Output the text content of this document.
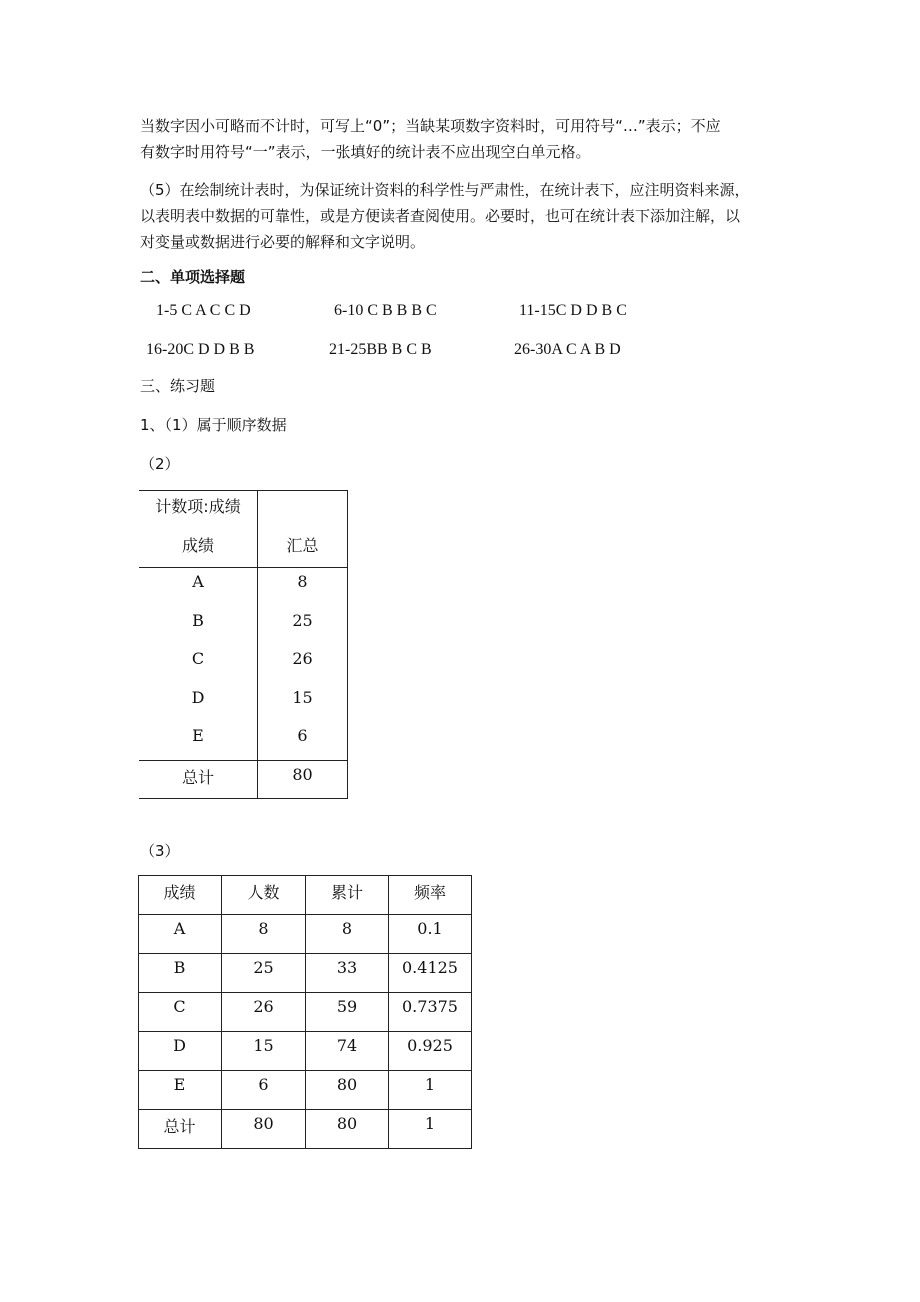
当数字因小可略而不计时，可写上“0”；当缺某项数字资料时，可用符号“…”表示；不应
有数字时用符号“一”表示，一张填好的统计表不应出现空白单元格。
（5）在绘制统计表时，为保证统计资料的科学性与严肃性，在统计表下，应注明资料来源，
以表明表中数据的可靠性，或是方便读者查阅使用。必要时，也可在统计表下添加注解，以
对变量或数据进行必要的解释和文字说明。
二、单项选择题
1-5 C A C C D	6-10 C B B B C	11-15C D D B C
16-20C D D B B	21-25BB B C B	26-30A C A B D
三、练习题
1、（1）属于顺序数据
（2）
计数项:成绩
成绩	汇总
A	8
B	25
C	26
D	15
E	6
总计	80
（3）
成绩	人数	累计	频率
A	8	8	0.1
B	25	33	0.4125
C	26	59	0.7375
D	15	74	0.925
E	6	80	1
总计	80	80	1
